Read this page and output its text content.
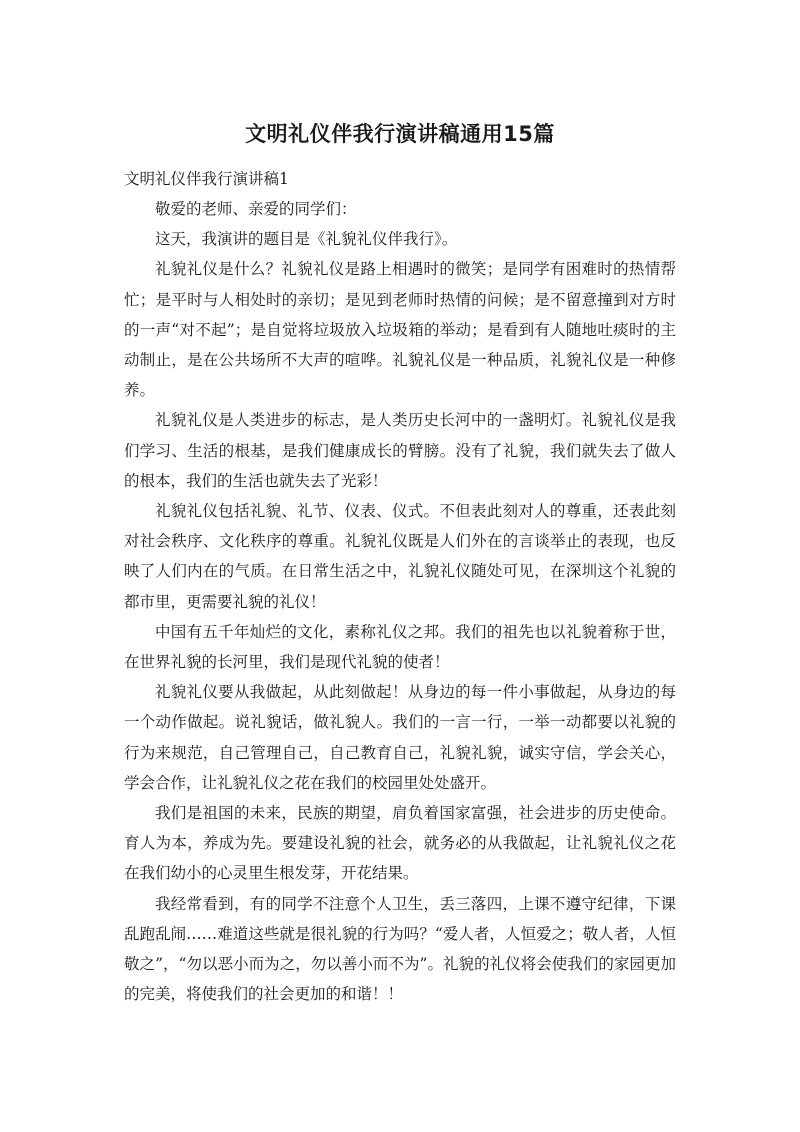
文明礼仪伴我行演讲稿通用15篇

文明礼仪伴我行演讲稿1

敬爱的老师、亲爱的同学们：

这天，我演讲的题目是《礼貌礼仪伴我行》。

礼貌礼仪是什么？礼貌礼仪是路上相遇时的微笑；是同学有困难时的热情帮忙；是平时与人相处时的亲切；是见到老师时热情的问候；是不留意撞到对方时的一声“对不起”；是自觉将垃圾放入垃圾箱的举动；是看到有人随地吐痰时的主动制止，是在公共场所不大声的喧哗。礼貌礼仪是一种品质，礼貌礼仪是一种修养。

礼貌礼仪是人类进步的标志，是人类历史长河中的一盏明灯。礼貌礼仪是我们学习、生活的根基，是我们健康成长的臂膀。没有了礼貌，我们就失去了做人的根本，我们的生活也就失去了光彩！

礼貌礼仪包括礼貌、礼节、仪表、仪式。不但表此刻对人的尊重，还表此刻对社会秩序、文化秩序的尊重。礼貌礼仪既是人们外在的言谈举止的表现，也反映了人们内在的气质。在日常生活之中，礼貌礼仪随处可见，在深圳这个礼貌的都市里，更需要礼貌的礼仪！

中国有五千年灿烂的文化，素称礼仪之邦。我们的祖先也以礼貌着称于世，在世界礼貌的长河里，我们是现代礼貌的使者！

礼貌礼仪要从我做起，从此刻做起！从身边的每一件小事做起，从身边的每一个动作做起。说礼貌话，做礼貌人。我们的一言一行，一举一动都要以礼貌的行为来规范，自己管理自己，自己教育自己，礼貌礼貌，诚实守信，学会关心，学会合作，让礼貌礼仪之花在我们的校园里处处盛开。

我们是祖国的未来，民族的期望，肩负着国家富强，社会进步的历史使命。育人为本，养成为先。要建设礼貌的社会，就务必的从我做起，让礼貌礼仪之花在我们幼小的心灵里生根发芽，开花结果。

我经常看到，有的同学不注意个人卫生，丢三落四，上课不遵守纪律，下课乱跑乱闹……难道这些就是很礼貌的行为吗？“爱人者，人恒爱之；敬人者，人恒敬之”，“勿以恶小而为之，勿以善小而不为”。礼貌的礼仪将会使我们的家园更加的完美，将使我们的社会更加的和谐！！
